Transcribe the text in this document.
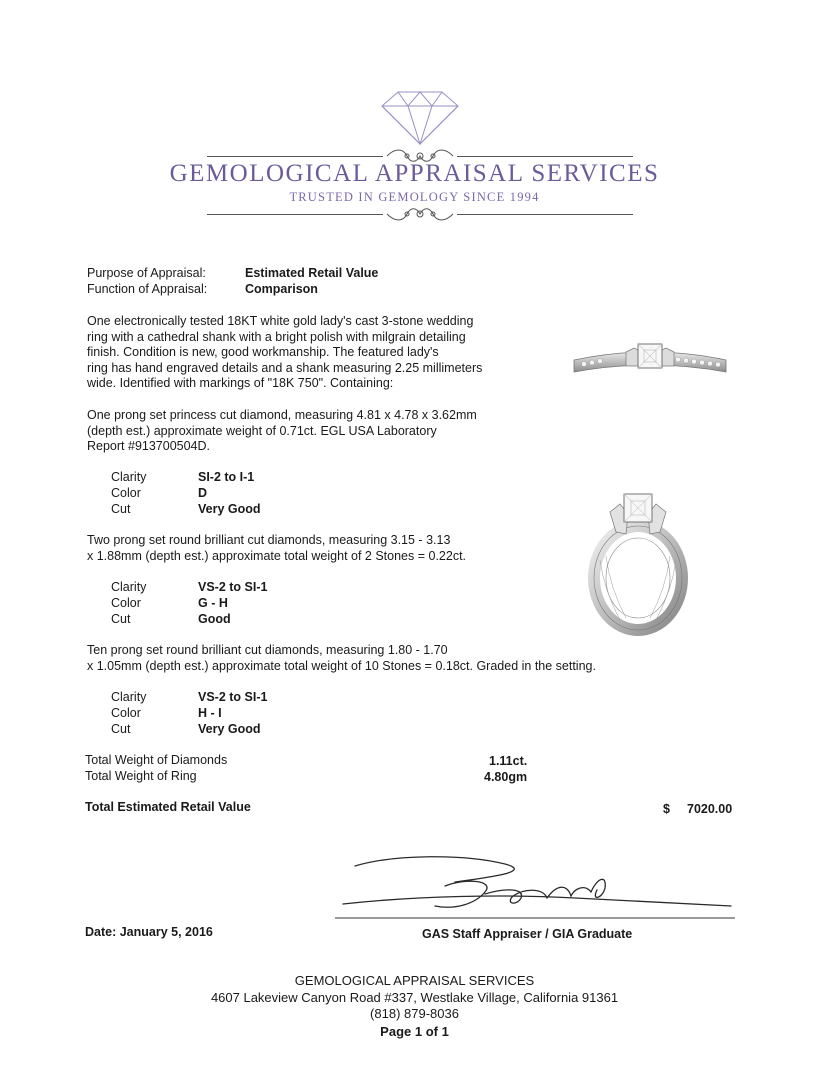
GEMOLOGICAL APPRAISAL SERVICES
TRUSTED IN GEMOLOGY SINCE 1994
Purpose of Appraisal:	Estimated Retail Value
Function of Appraisal:	Comparison
One electronically tested 18KT white gold lady's cast 3-stone wedding
ring with a cathedral shank with a bright polish with milgrain detailing
finish. Condition is new, good workmanship. The featured lady's
ring has hand engraved details and a shank measuring 2.25 millimeters
wide. Identified with markings of "18K 750". Containing:
One prong set princess cut diamond, measuring 4.81 x 4.78 x 3.62mm
(depth est.) approximate weight of 0.71ct. EGL USA Laboratory
Report #913700504D.
Clarity	SI-2 to I-1
Color	D
Cut	Very Good
Two prong set round brilliant cut diamonds, measuring 3.15 - 3.13
x 1.88mm (depth est.) approximate total weight of 2 Stones = 0.22ct.
Clarity	VS-2 to SI-1
Color	G - H
Cut	Good
Ten prong set round brilliant cut diamonds, measuring 1.80 - 1.70
x 1.05mm (depth est.) approximate total weight of 10 Stones = 0.18ct. Graded in the setting.
Clarity	VS-2 to SI-1
Color	H - I
Cut	Very Good
Total Weight of Diamonds	1.11ct.
Total Weight of Ring	4.80gm
Total Estimated Retail Value	$ 7020.00
Date: January 5, 2016	GAS Staff Appraiser / GIA Graduate
GEMOLOGICAL APPRAISAL SERVICES
4607 Lakeview Canyon Road #337, Westlake Village, California 91361
(818) 879-8036
Page 1 of 1
